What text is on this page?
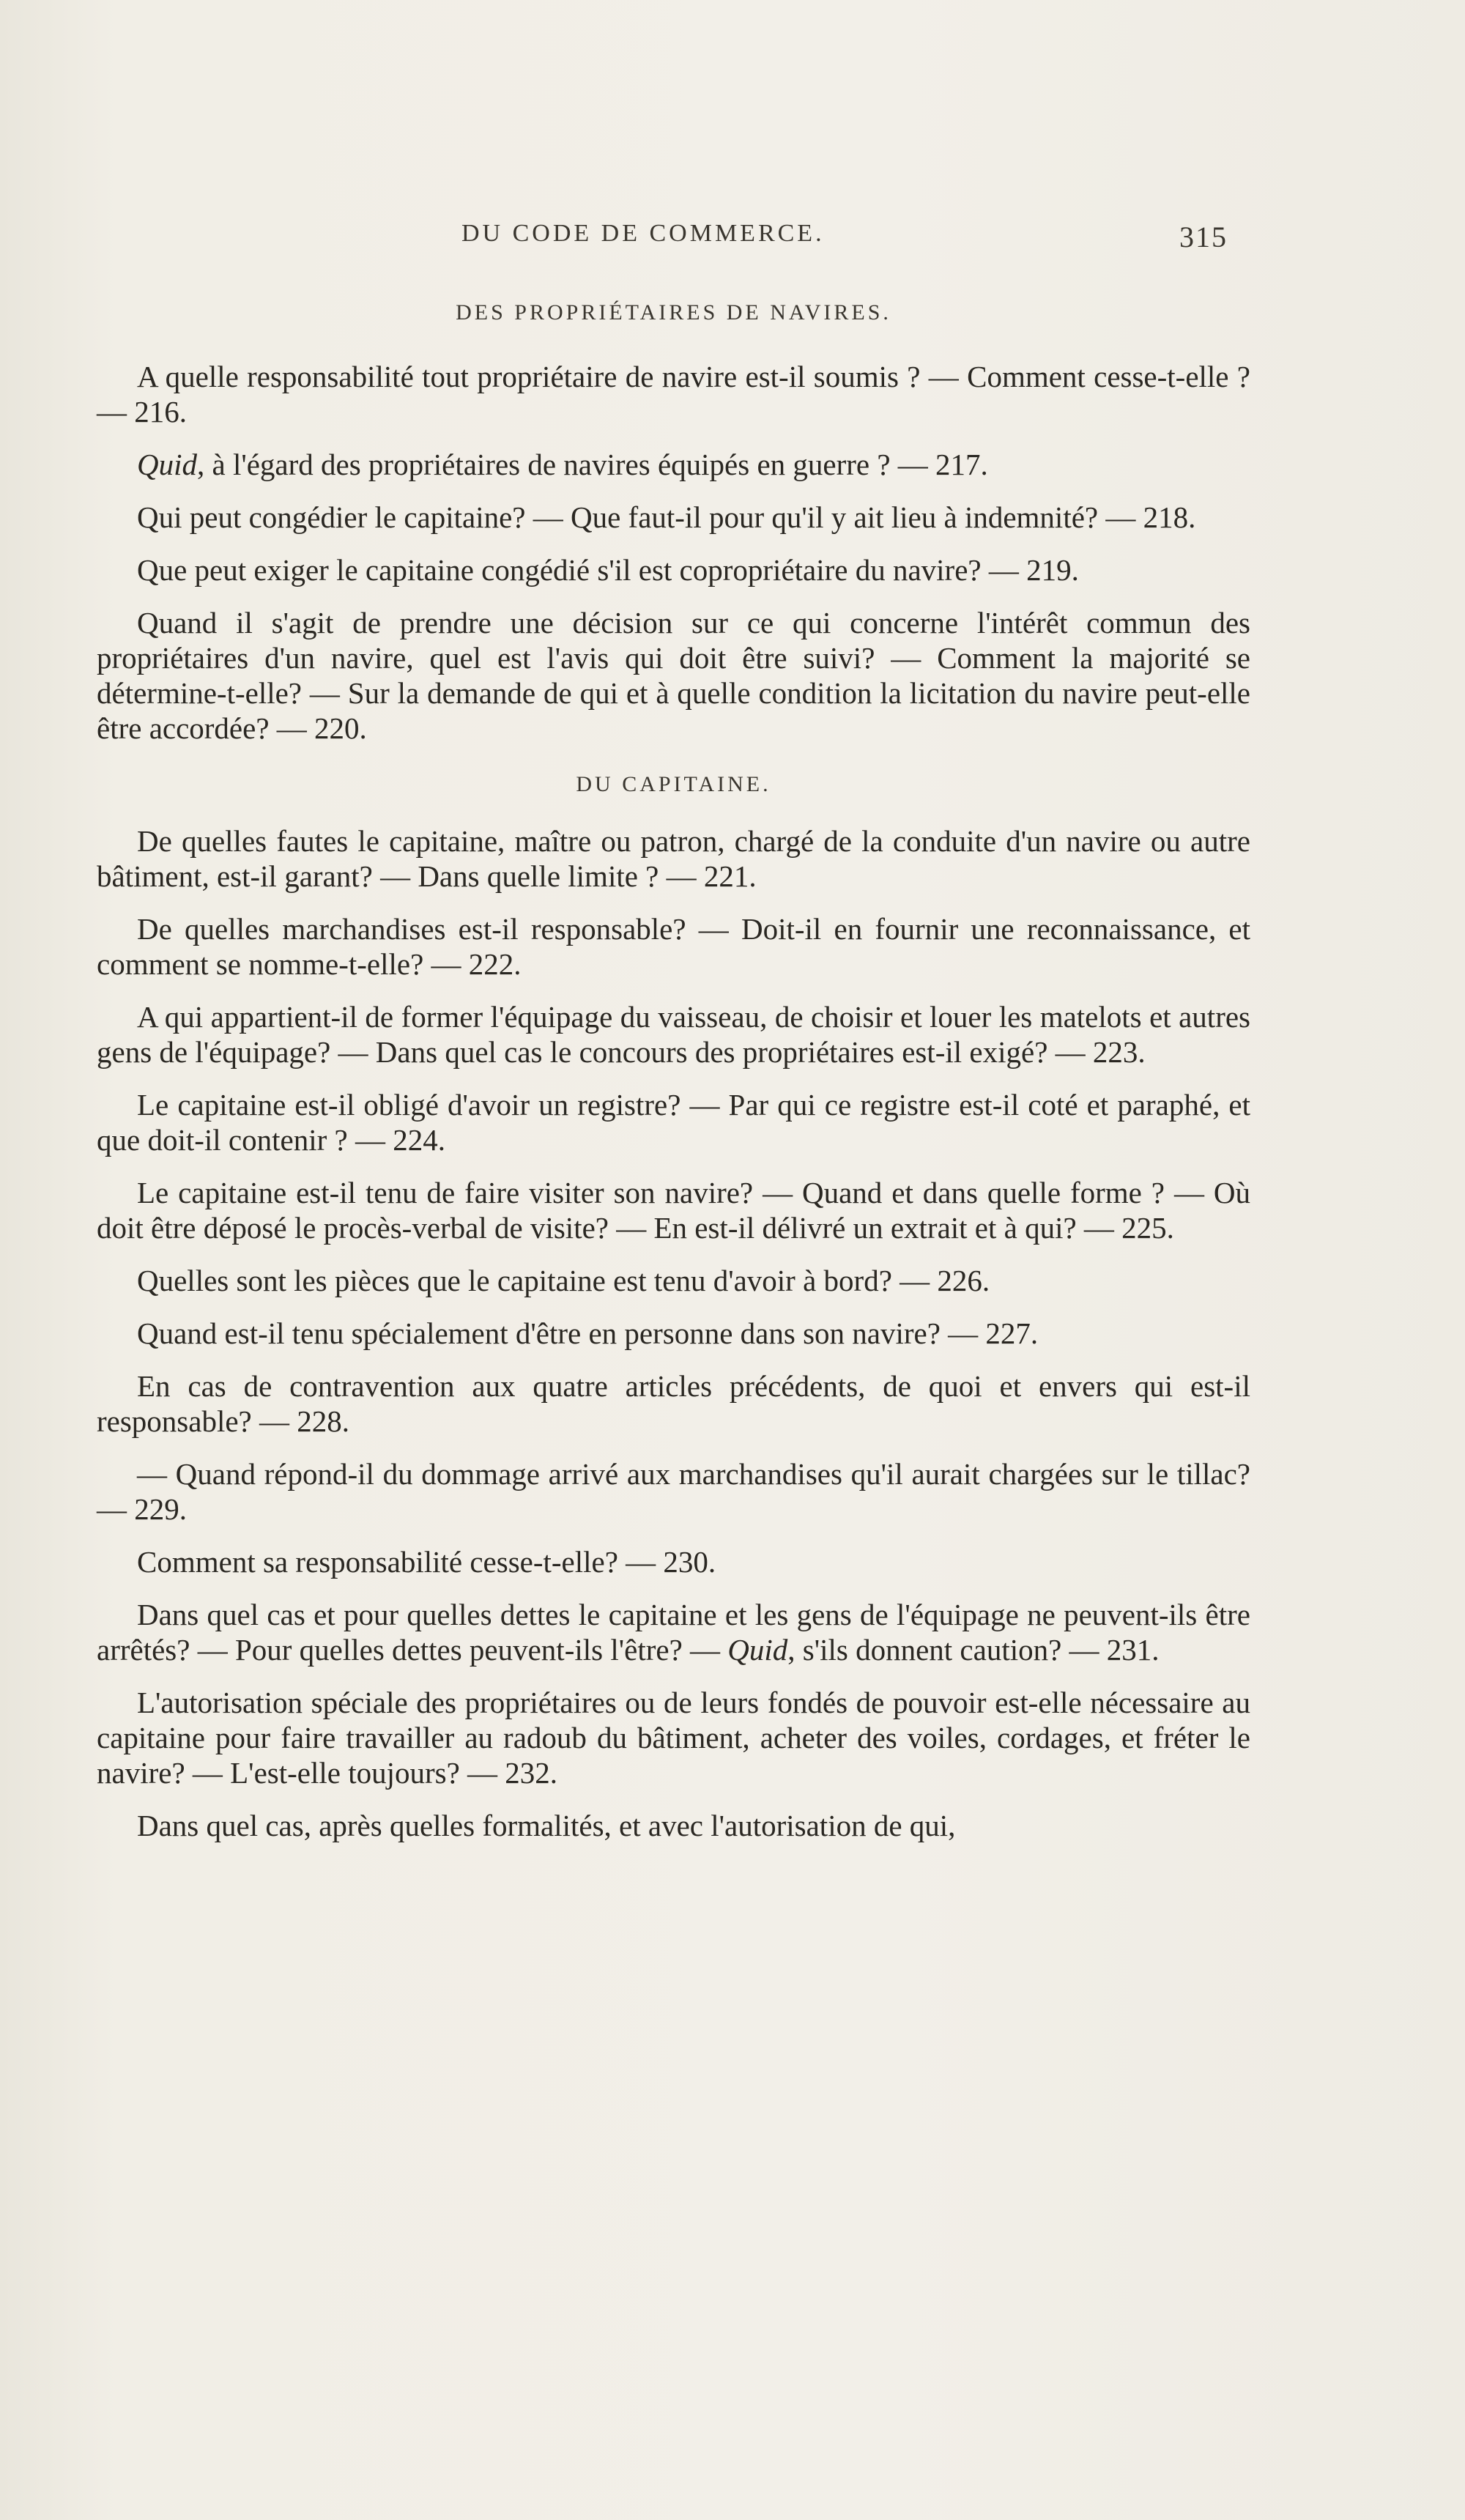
DU CODE DE COMMERCE.	315
DES PROPRIÉTAIRES DE NAVIRES.

A quelle responsabilité tout propriétaire de navire est-il soumis ? — Comment cesse-t-elle ? — 216.

Quid, à l'égard des propriétaires de navires équipés en guerre ? — 217.

Qui peut congédier le capitaine? — Que faut-il pour qu'il y ait lieu à indemnité? — 218.

Que peut exiger le capitaine congédié s'il est copropriétaire du navire? — 219.

Quand il s'agit de prendre une décision sur ce qui concerne l'intérêt commun des propriétaires d'un navire, quel est l'avis qui doit être suivi? — Comment la majorité se détermine-t-elle? — Sur la demande de qui et à quelle condition la licitation du navire peut-elle être accordée? — 220.

DU CAPITAINE.

De quelles fautes le capitaine, maître ou patron, chargé de la conduite d'un navire ou autre bâtiment, est-il garant? — Dans quelle limite ? — 221.

De quelles marchandises est-il responsable? — Doit-il en fournir une reconnaissance, et comment se nomme-t-elle? — 222.

A qui appartient-il de former l'équipage du vaisseau, de choisir et louer les matelots et autres gens de l'équipage? — Dans quel cas le concours des propriétaires est-il exigé? — 223.

Le capitaine est-il obligé d'avoir un registre? — Par qui ce registre est-il coté et paraphé, et que doit-il contenir ? — 224.

Le capitaine est-il tenu de faire visiter son navire? — Quand et dans quelle forme ? — Où doit être déposé le procès-verbal de visite? — En est-il délivré un extrait et à qui? — 225.

Quelles sont les pièces que le capitaine est tenu d'avoir à bord? — 226.

Quand est-il tenu spécialement d'être en personne dans son navire? — 227.

En cas de contravention aux quatre articles précédents, de quoi et envers qui est-il responsable? — 228.

— Quand répond-il du dommage arrivé aux marchandises qu'il aurait chargées sur le tillac? — 229.

Comment sa responsabilité cesse-t-elle? — 230.

Dans quel cas et pour quelles dettes le capitaine et les gens de l'équipage ne peuvent-ils être arrêtés? — Pour quelles dettes peuvent-ils l'être? — Quid, s'ils donnent caution? — 231.

L'autorisation spéciale des propriétaires ou de leurs fondés de pouvoir est-elle nécessaire au capitaine pour faire travailler au radoub du bâtiment, acheter des voiles, cordages, et fréter le navire? — L'est-elle toujours? — 232.

Dans quel cas, après quelles formalités, et avec l'autorisation de qui,
